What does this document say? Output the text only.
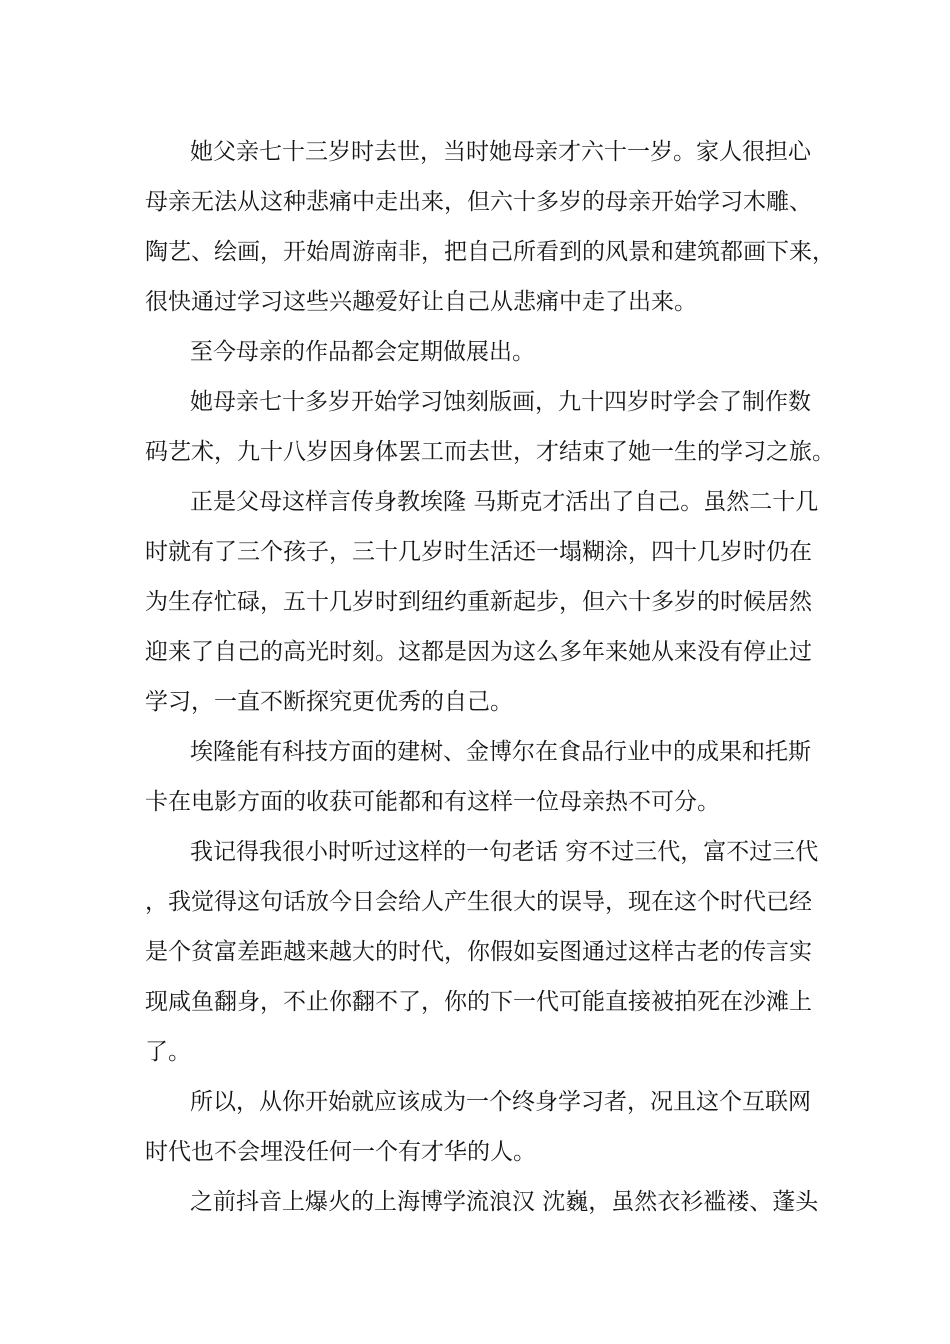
她父亲七十三岁时去世，当时她母亲才六十一岁。家人很担心
母亲无法从这种悲痛中走出来，但六十多岁的母亲开始学习木雕、
陶艺、绘画，开始周游南非，把自己所看到的风景和建筑都画下来，
很快通过学习这些兴趣爱好让自己从悲痛中走了出来。
至今母亲的作品都会定期做展出。
她母亲七十多岁开始学习蚀刻版画，九十四岁时学会了制作数
码艺术，九十八岁因身体罢工而去世，才结束了她一生的学习之旅。
正是父母这样言传身教埃隆 马斯克才活出了自己。虽然二十几
时就有了三个孩子，三十几岁时生活还一塌糊涂，四十几岁时仍在
为生存忙碌，五十几岁时到纽约重新起步，但六十多岁的时候居然
迎来了自己的高光时刻。这都是因为这么多年来她从来没有停止过
学习，一直不断探究更优秀的自己。
埃隆能有科技方面的建树、金博尔在食品行业中的成果和托斯
卡在电影方面的收获可能都和有这样一位母亲热不可分。
我记得我很小时听过这样的一句老话 穷不过三代，富不过三代
，我觉得这句话放今日会给人产生很大的误导，现在这个时代已经
是个贫富差距越来越大的时代，你假如妄图通过这样古老的传言实
现咸鱼翻身，不止你翻不了，你的下一代可能直接被拍死在沙滩上
了。
所以，从你开始就应该成为一个终身学习者，况且这个互联网
时代也不会埋没任何一个有才华的人。
之前抖音上爆火的上海博学流浪汉 沈巍，虽然衣衫褴褛、蓬头
